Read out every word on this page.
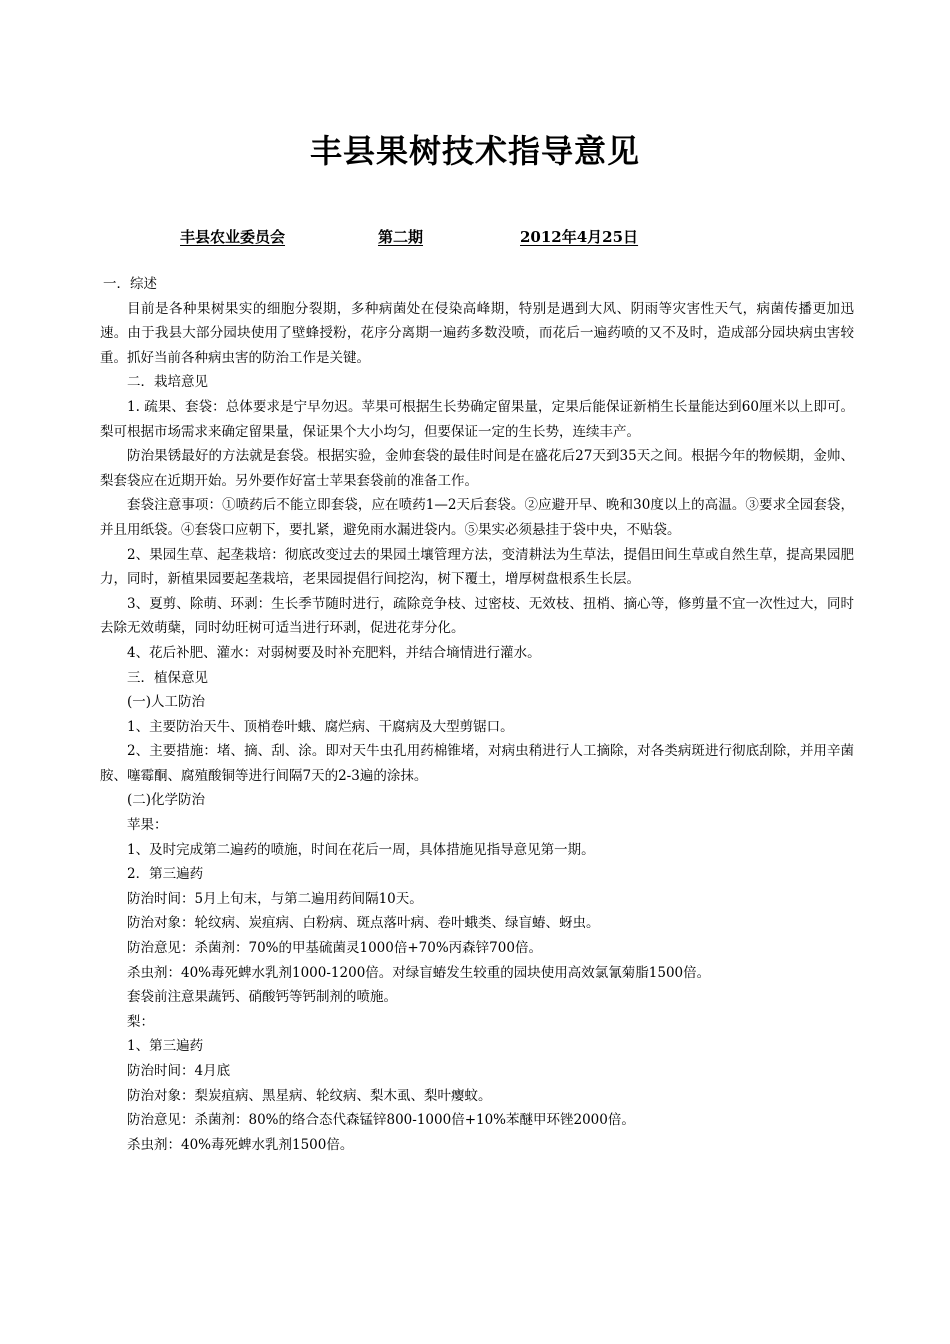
丰县果树技术指导意见
丰县农业委员会	第二期	2012年4月25日

一．综述

目前是各种果树果实的细胞分裂期，多种病菌处在侵染高峰期，特别是遇到大风、阴雨等灾害性天气，病菌传播更加迅速。由于我县大部分园块使用了壁蜂授粉，花序分离期一遍药多数没喷，而花后一遍药喷的又不及时，造成部分园块病虫害较重。抓好当前各种病虫害的防治工作是关键。

二．栽培意见

1. 疏果、套袋：总体要求是宁早勿迟。苹果可根据生长势确定留果量，定果后能保证新梢生长量能达到60厘米以上即可。梨可根据市场需求来确定留果量，保证果个大小均匀，但要保证一定的生长势，连续丰产。

防治果锈最好的方法就是套袋。根据实验，金帅套袋的最佳时间是在盛花后27天到35天之间。根据今年的物候期，金帅、梨套袋应在近期开始。另外要作好富士苹果套袋前的准备工作。

套袋注意事项：①喷药后不能立即套袋，应在喷药1—2天后套袋。②应避开早、晚和30度以上的高温。③要求全园套袋，并且用纸袋。④套袋口应朝下，要扎紧，避免雨水漏进袋内。⑤果实必须悬挂于袋中央，不贴袋。

2、果园生草、起垄栽培：彻底改变过去的果园土壤管理方法，变清耕法为生草法，提倡田间生草或自然生草，提高果园肥力，同时，新植果园要起垄栽培，老果园提倡行间挖沟，树下覆土，增厚树盘根系生长层。

3、夏剪、除萌、环剥：生长季节随时进行，疏除竞争枝、过密枝、无效枝、扭梢、摘心等，修剪量不宜一次性过大，同时去除无效萌蘖，同时幼旺树可适当进行环剥，促进花芽分化。

4、花后补肥、灌水：对弱树要及时补充肥料，并结合墒情进行灌水。

三．植保意见

(一)人工防治

1、主要防治天牛、顶梢卷叶蛾、腐烂病、干腐病及大型剪锯口。

2、主要措施：堵、摘、刮、涂。即对天牛虫孔用药棉锥堵，对病虫稍进行人工摘除，对各类病斑进行彻底刮除，并用辛菌胺、噻霉酮、腐殖酸铜等进行间隔7天的2-3遍的涂抹。

(二)化学防治

苹果：

1、及时完成第二遍药的喷施，时间在花后一周，具体措施见指导意见第一期。

2．第三遍药

防治时间：5月上旬末，与第二遍用药间隔10天。

防治对象：轮纹病、炭疽病、白粉病、斑点落叶病、卷叶蛾类、绿盲蝽、蚜虫。

防治意见：杀菌剂：70%的甲基硫菌灵1000倍+70%丙森锌700倍。

杀虫剂：40%毒死蜱水乳剂1000-1200倍。对绿盲蝽发生较重的园块使用高效氯氰菊脂1500倍。

套袋前注意果蔬钙、硝酸钙等钙制剂的喷施。

梨：

1、第三遍药

防治时间：4月底

防治对象：梨炭疽病、黑星病、轮纹病、梨木虱、梨叶瘿蚊。

防治意见：杀菌剂：80%的络合态代森锰锌800-1000倍+10%苯醚甲环锉2000倍。

杀虫剂：40%毒死蜱水乳剂1500倍。
